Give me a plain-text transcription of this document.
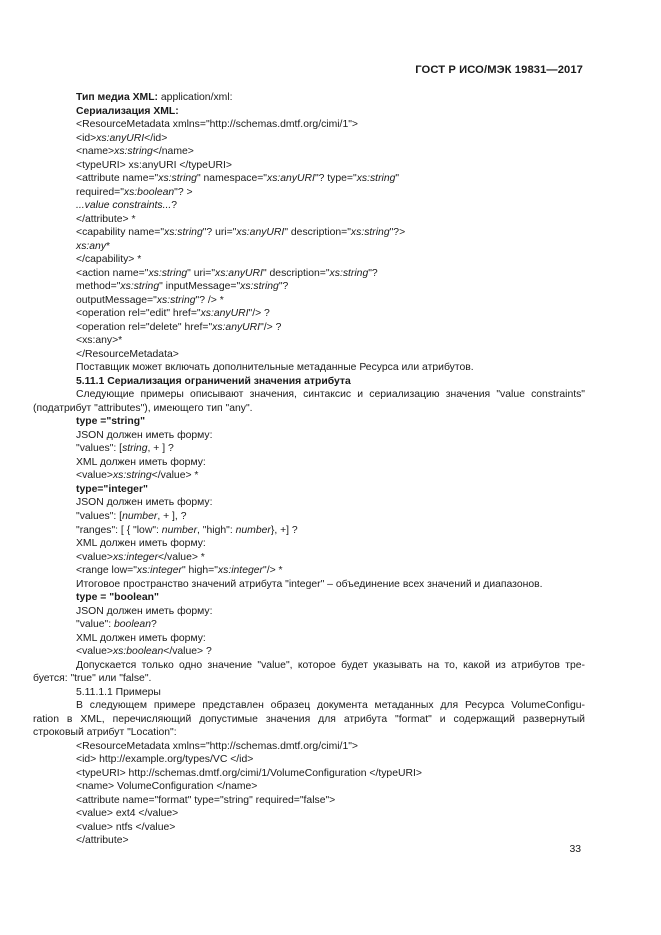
ГОСТ Р ИСО/МЭК 19831—2017
Тип медиа XML: application/xml:
Сериализация XML:
<ResourceMetadata xmlns="http://schemas.dmtf.org/cimi/1">
<id>xs:anyURI</id>
<name>xs:string</name>
<typeURI> xs:anyURI </typeURI>
<attribute name="xs:string" namespace="xs:anyURI"? type="xs:string"
required="xs:boolean"? >
...value constraints...?
</attribute> *
<capability name="xs:string"? uri="xs:anyURI" description="xs:string"?>
xs:any*
</capability> *
<action name="xs:string" uri="xs:anyURI" description="xs:string"?
method="xs:string" inputMessage="xs:string"?
outputMessage="xs:string"? /> *
<operation rel="edit" href="xs:anyURI"/> ?
<operation rel="delete" href="xs:anyURI"/> ?
<xs:any>*
</ResourceMetadata>
Поставщик может включать дополнительные метаданные Ресурса или атрибутов.
5.11.1 Сериализация ограничений значения атрибута
Следующие примеры описывают значения, синтаксис и сериализацию значения "value constraints"
(податрибут "attributes"), имеющего тип "any".
type ="string"
JSON должен иметь форму:
"values": [string, + ] ?
XML должен иметь форму:
<value>xs:string</value> *
type="integer"
JSON должен иметь форму:
"values": [number, + ], ?
"ranges": [ { "low": number, "high": number}, +] ?
XML должен иметь форму:
<value>xs:integer</value> *
<range low="xs:integer" high="xs:integer"/> *
Итоговое пространство значений атрибута "integer" – объединение всех значений и диапазонов.
type = "boolean"
JSON должен иметь форму:
"value": boolean?
XML должен иметь форму:
<value>xs:boolean</value> ?
Допускается только одно значение "value", которое будет указывать на то, какой из атрибутов тре-
буется: "true" или "false".
5.11.1.1 Примеры
В следующем примере представлен образец документа метаданных для Ресурса VolumeConfigu-
ration в XML, перечисляющий допустимые значения для атрибута "format" и содержащий развернутый
строковый атрибут "Location":
<ResourceMetadata xmlns="http://schemas.dmtf.org/cimi/1">
<id> http://example.org/types/VC </id>
<typeURI> http://schemas.dmtf.org/cimi/1/VolumeConfiguration </typeURI>
<name> VolumeConfiguration </name>
<attribute name="format" type="string" required="false">
<value> ext4 </value>
<value> ntfs </value>
</attribute>
33
